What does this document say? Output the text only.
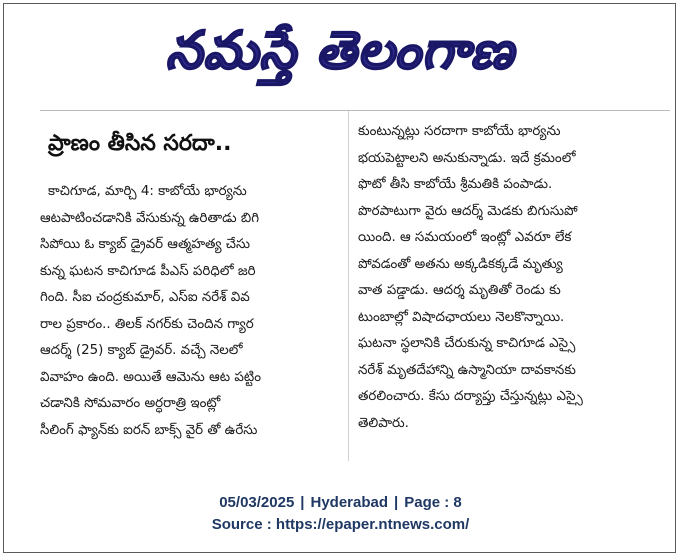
నమస్తే తెలంగాణ
ప్రాణం తీసిన సరదా..
కాచిగూడ, మార్చి 4: కాబోయే భార్యను
ఆటపాటించడానికి వేసుకున్న ఉరితాడు బిగి
సిపోయి ఓ క్యాబ్ డ్రైవర్ ఆత్మహత్య చేసు
కున్న ఘటన కాచిగూడ పీఎస్ పరిధిలో జరి
గింది. సీఐ చంద్రకుమార్, ఎస్ఐ నరేశ్ వివ
రాల ప్రకారం.. తిలక్ నగర్‌కు చెందిన గ్యార
ఆదర్శ్ (25) క్యాబ్ డ్రైవర్. వచ్చే నెలలో
వివాహం ఉంది. అయితే ఆమెను ఆట పట్టిం
చడానికి సోమవారం అర్ధరాత్రి ఇంట్లో
సీలింగ్ ఫ్యాన్‌కు ఐరన్ బాక్స్ వైర్ తో ఉరేసు
కుంటున్నట్లు సరదాగా కాబోయే భార్యను
భయపెట్టాలని అనుకున్నాడు. ఇదే క్రమంలో
ఫొటో తీసి కాబోయే శ్రీమతికి పంపాడు.
పొరపాటుగా వైరు ఆదర్శ్ మెడకు బిగుసుపో
యింది. ఆ సమయంలో ఇంట్లో ఎవరూ లేక
పోవడంతో అతను అక్కడికక్కడే మృత్యు
వాత పడ్డాడు. ఆదర్శ మృతితో రెండు కు
టుంబాల్లో విషాదఛాయలు నెలకొన్నాయి.
ఘటనా స్థలానికి చేరుకున్న కాచిగూడ ఎస్సై
నరేశ్ మృతదేహాన్ని ఉస్మానియా దావకానకు
తరలించారు. కేసు దర్యాప్తు చేస్తున్నట్లు ఎస్సై
తెలిపారు.
05/03/2025 | Hyderabad | Page : 8
Source : https://epaper.ntnews.com/
